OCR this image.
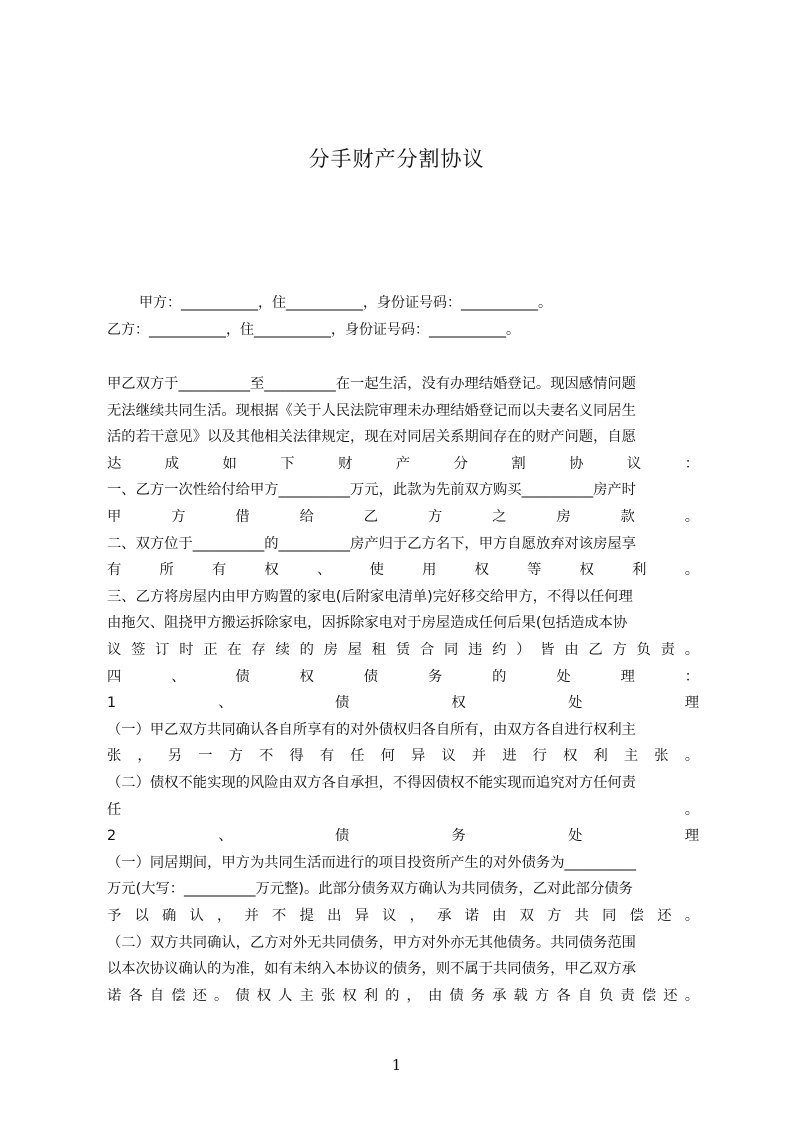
分手财产分割协议
甲方：___________，住___________，身份证号码：___________。
乙方：___________，住___________，身份证号码：___________。
甲乙双方于__________至__________在一起生活，没有办理结婚登记。现因感情问题
无法继续共同生活。现根据《关于人民法院审理未办理结婚登记而以夫妻名义同居生
活的若干意见》以及其他相关法律规定，现在对同居关系期间存在的财产问题，自愿
达成如下财产分割协议：
一、乙方一次性给付给甲方__________万元，此款为先前双方购买__________房产时
甲方借给乙方之房款。
二、双方位于__________的__________房产归于乙方名下，甲方自愿放弃对该房屋享
有所有权、使用权等权利。
三、乙方将房屋内由甲方购置的家电(后附家电清单)完好移交给甲方，不得以任何理
由拖欠、阻挠甲方搬运拆除家电，因拆除家电对于房屋造成任何后果(包括造成本协
议签订时正在存续的房屋租赁合同违约）皆由乙方负责。
四、债权债务的处理：
1、债权处理
（一）甲乙双方共同确认各自所享有的对外债权归各自所有，由双方各自进行权利主
张，另一方不得有任何异议并进行权利主张。
（二）债权不能实现的风险由双方各自承担，不得因债权不能实现而追究对方任何责
任。
2、债务处理
（一）同居期间，甲方为共同生活而进行的项目投资所产生的对外债务为__________
万元(大写：__________万元整)。此部分债务双方确认为共同债务，乙对此部分债务
予以确认，并不提出异议，承诺由双方共同偿还。
（二）双方共同确认，乙方对外无共同债务，甲方对外亦无其他债务。共同债务范围
以本次协议确认的为准，如有未纳入本协议的债务，则不属于共同债务，甲乙双方承
诺各自偿还。债权人主张权利的，由债务承载方各自负责偿还。
1
